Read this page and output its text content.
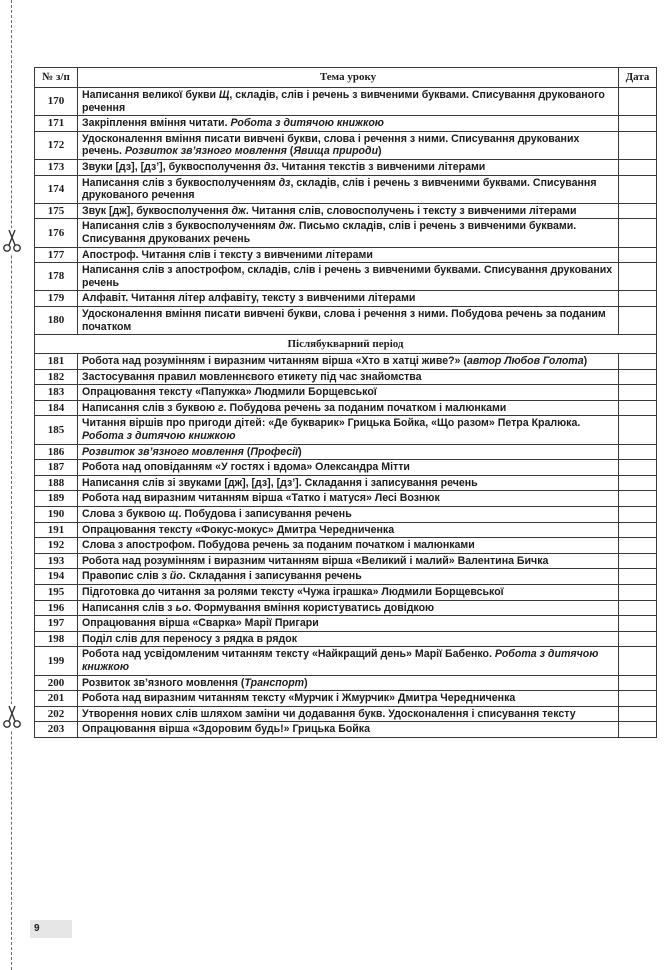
№ з/п	Тема уроку	Дата
170	Написання великої букви Щ, складів, слів і речень з вивченими буквами. Списування друкованого речення	
171	Закріплення вміння читати. Робота з дитячою книжкою	
172	Удосконалення вміння писати вивчені букви, слова і речення з ними. Списування друкованих речень. Розвиток зв’язного мовлення (Явища природи)	
173	Звуки [дз], [дз’], буквосполучення дз. Читання текстів з вивченими літерами	
174	Написання слів з буквосполученням дз, складів, слів і речень з вивченими буквами. Списування друкованого речення	
175	Звук [дж], буквосполучення дж. Читання слів, словосполучень і тексту з вивченими літерами	
176	Написання слів з буквосполученням дж. Письмо складів, слів і речень з вивченими буквами. Списування друкованих речень	
177	Апостроф. Читання слів і тексту з вивченими літерами	
178	Написання слів з апострофом, складів, слів і речень з вивченими буквами. Списування друкованих речень	
179	Алфавіт. Читання літер алфавіту, тексту з вивченими літерами	
180	Удосконалення вміння писати вивчені букви, слова і речення з ними. Побудова речень за поданим початком	
Післябукварний період		
181	Робота над розумінням і виразним читанням вірша «Хто в хатці живе?» (автор Любов Голота)	
182	Застосування правил мовленнєвого етикету під час знайомства	
183	Опрацювання тексту «Папужка» Людмили Борщевської	
184	Написання слів з буквою г. Побудова речень за поданим початком і малюнками	
185	Читання віршів про пригоди дітей: «Де букварик» Грицька Бойка, «Що разом» Петра Кралюка. Робота з дитячою книжкою	
186	Розвиток зв’язного мовлення (Професії)	
187	Робота над оповіданням «У гостях і вдома» Олександра Мітти	
188	Написання слів зі звуками [дж], [дз], [дз’]. Складання і записування речень	
189	Робота над виразним читанням вірша «Татко і матуся» Лесі Вознюк	
190	Слова з буквою щ. Побудова і записування речень	
191	Опрацювання тексту «Фокус-мокус» Дмитра Чередниченка	
192	Слова з апострофом. Побудова речень за поданим початком і малюнками	
193	Робота над розумінням і виразним читанням вірша «Великий і малий» Валентина Бичка	
194	Правопис слів з йо. Складання і записування речень	
195	Підготовка до читання за ролями тексту «Чужа іграшка» Людмили Борщевської	
196	Написання слів з ьо. Формування вміння користуватись довідкою	
197	Опрацювання вірша «Сварка» Марії Пригари	
198	Поділ слів для переносу з рядка в рядок	
199	Робота над усвідомленим читанням тексту «Найкращий день» Марії Бабенко. Робота з дитячою книжкою	
200	Розвиток зв’язного мовлення (Транспорт)	
201	Робота над виразним читанням тексту «Мурчик і Жмурчик» Дмитра Чередниченка	
202	Утворення нових слів шляхом заміни чи додавання букв. Удосконалення і списування тексту	
203	Опрацювання вірша «Здоровим будь!» Грицька Бойка	
9
